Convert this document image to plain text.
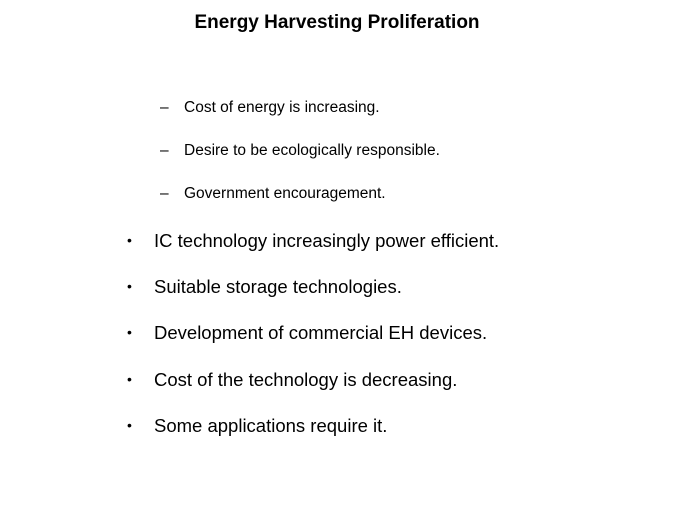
Energy Harvesting Proliferation
– Cost of energy is increasing.
– Desire to be ecologically responsible.
– Government encouragement.
• IC technology increasingly power efficient.
• Suitable storage technologies.
• Development of commercial EH devices.
• Cost of the technology is decreasing.
• Some applications require it.
